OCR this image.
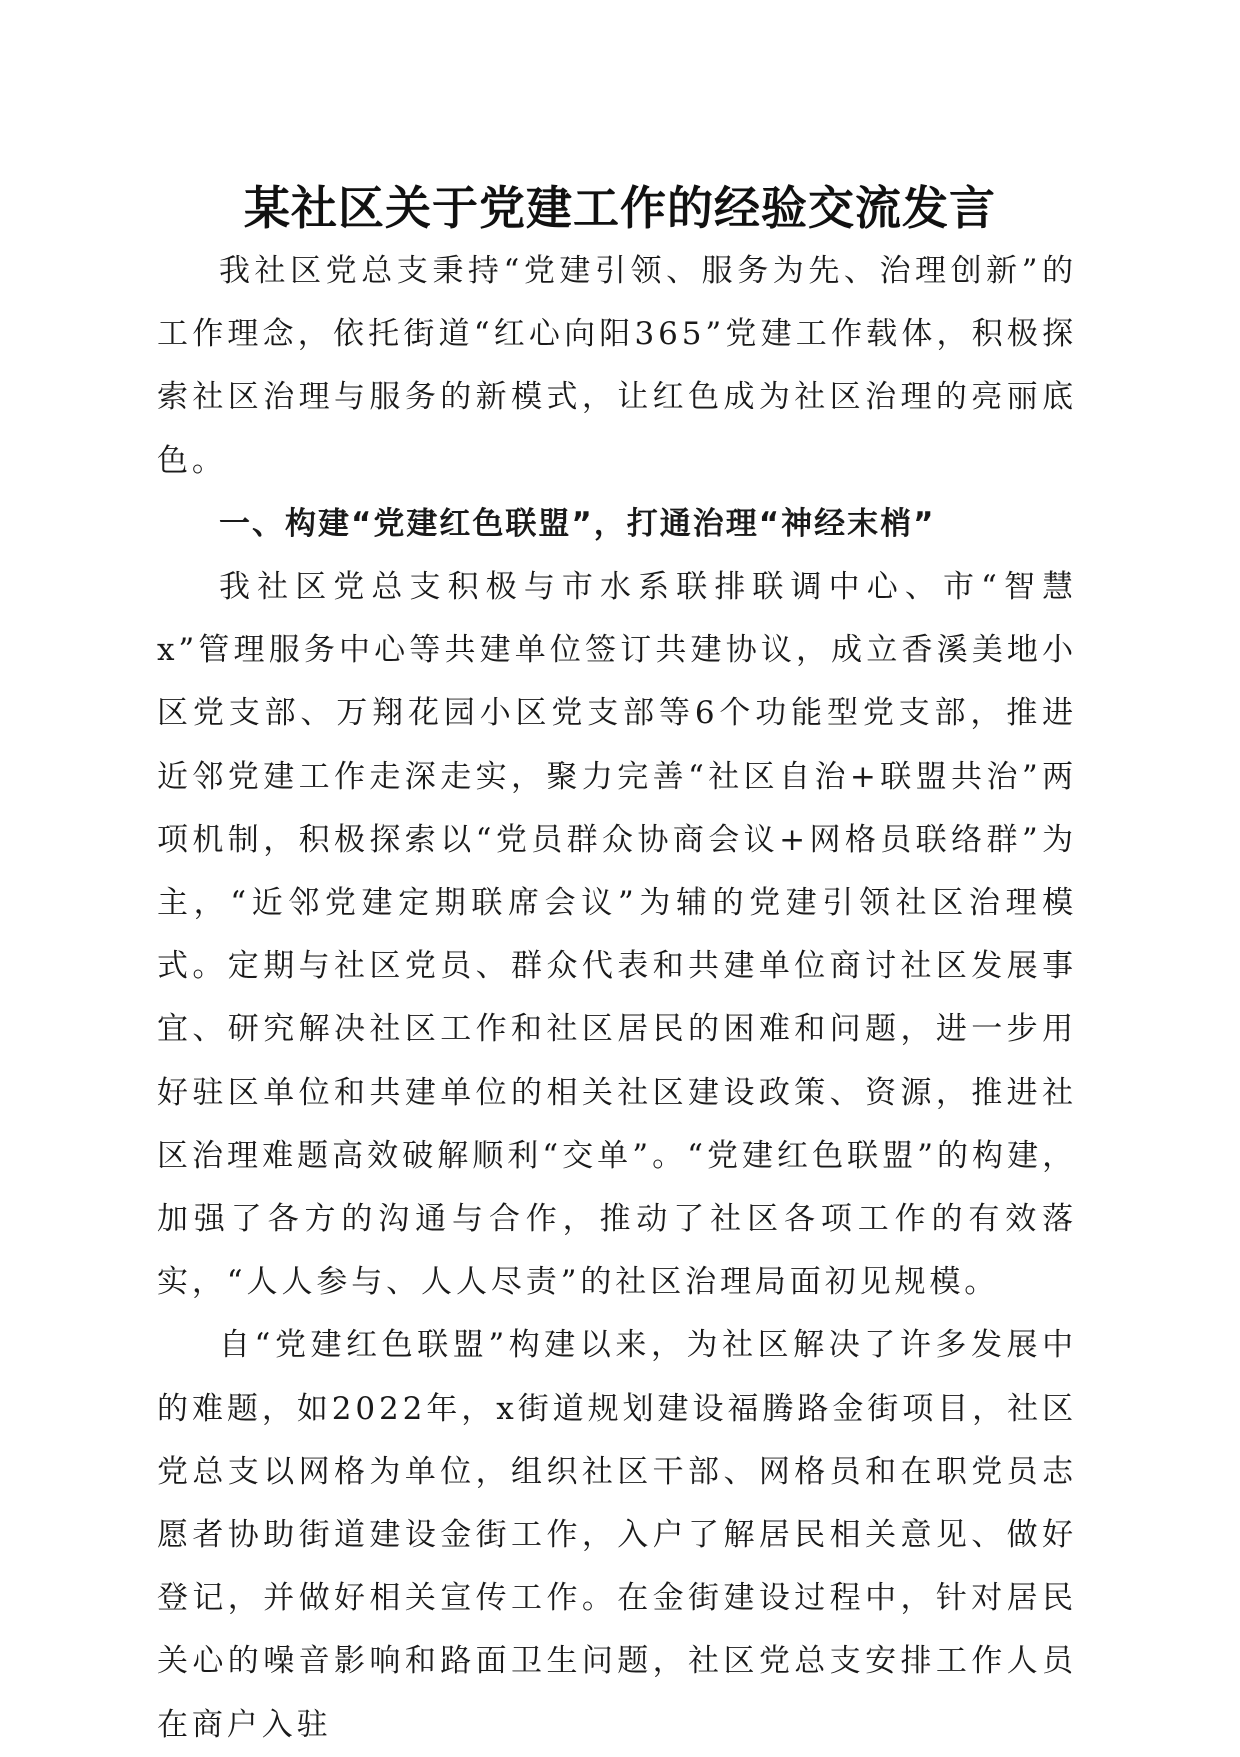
某社区关于党建工作的经验交流发言

我社区党总支秉持“党建引领、服务为先、治理创新”的工作理念，依托街道“红心向阳365”党建工作载体，积极探索社区治理与服务的新模式，让红色成为社区治理的亮丽底色。

一、构建“党建红色联盟”，打通治理“神经末梢”

我社区党总支积极与市水系联排联调中心、市“智慧x”管理服务中心等共建单位签订共建协议，成立香溪美地小区党支部、万翔花园小区党支部等6个功能型党支部，推进近邻党建工作走深走实，聚力完善“社区自治+联盟共治”两项机制，积极探索以“党员群众协商会议+网格员联络群”为主，“近邻党建定期联席会议”为辅的党建引领社区治理模式。定期与社区党员、群众代表和共建单位商讨社区发展事宜、研究解决社区工作和社区居民的困难和问题，进一步用好驻区单位和共建单位的相关社区建设政策、资源，推进社区治理难题高效破解顺利“交单”。“党建红色联盟”的构建，加强了各方的沟通与合作，推动了社区各项工作的有效落实，“人人参与、人人尽责”的社区治理局面初见规模。

自“党建红色联盟”构建以来，为社区解决了许多发展中的难题，如2022年，x街道规划建设福腾路金街项目，社区党总支以网格为单位，组织社区干部、网格员和在职党员志愿者协助街道建设金街工作，入户了解居民相关意见、做好登记，并做好相关宣传工作。在金街建设过程中，针对居民关心的噪音影响和路面卫生问题，社区党总支安排工作人员在商户入驻
